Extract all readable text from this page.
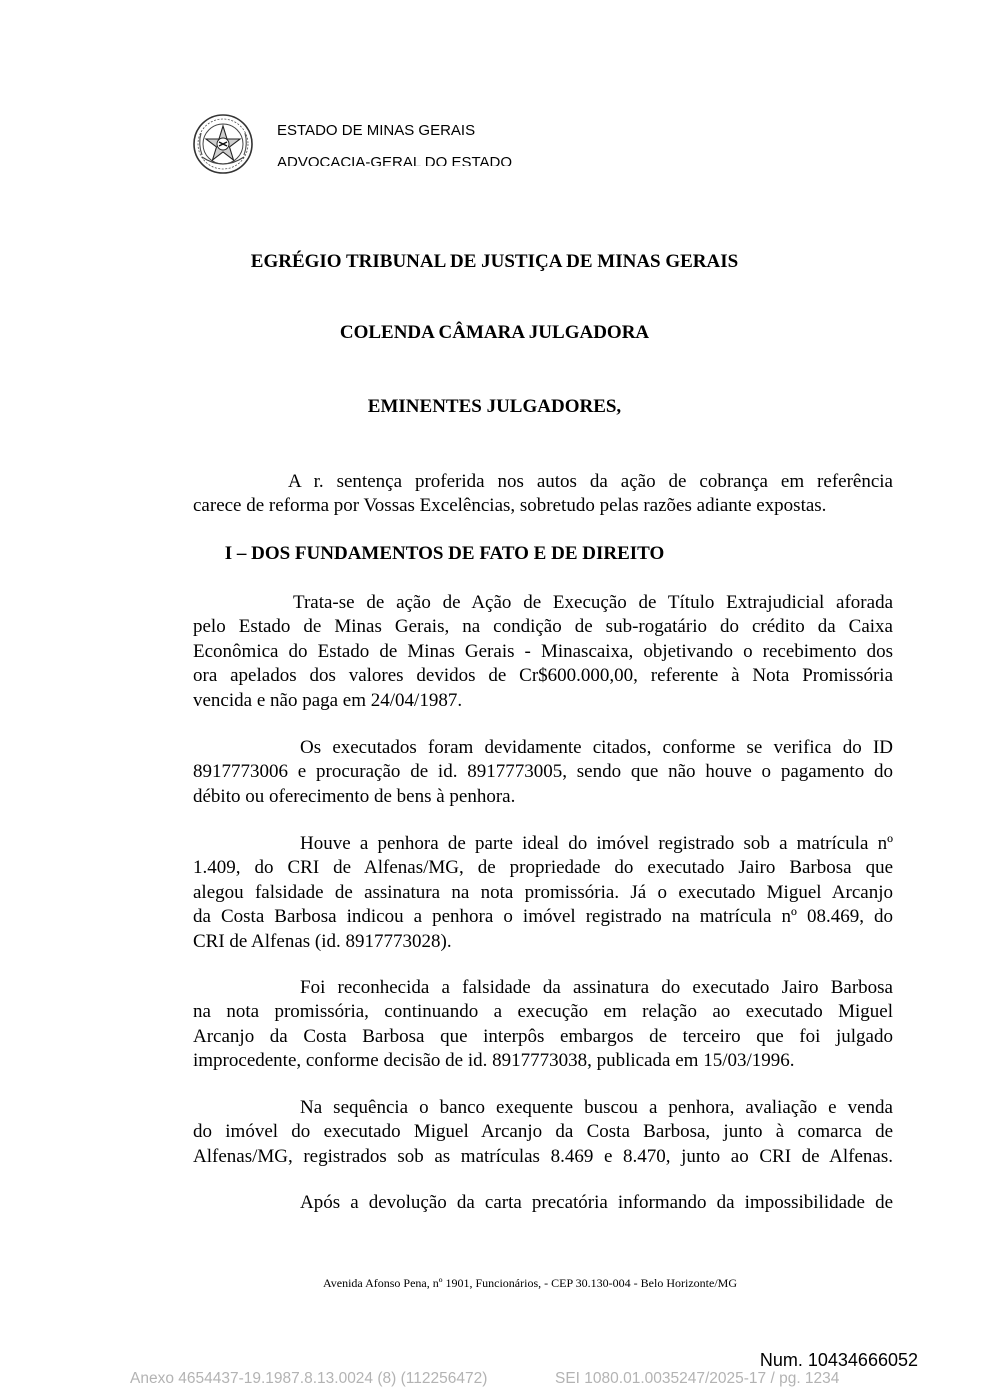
ESTADO DE MINAS GERAIS
ADVOCACIA-GERAL DO ESTADO
EGRÉGIO TRIBUNAL DE JUSTIÇA DE MINAS GERAIS
COLENDA CÂMARA JULGADORA
EMINENTES JULGADORES,
A r. sentença proferida nos autos da ação de cobrança em referência
carece de reforma por Vossas Excelências, sobretudo pelas razões adiante expostas.
I – DOS FUNDAMENTOS DE FATO E DE DIREITO
Trata-se de ação de Ação de Execução de Título Extrajudicial aforada
pelo Estado de Minas Gerais, na condição de sub-rogatário do crédito da Caixa
Econômica do Estado de Minas Gerais - Minascaixa, objetivando o recebimento dos
ora apelados dos valores devidos de Cr$600.000,00, referente à Nota Promissória
vencida e não paga em 24/04/1987.
Os executados foram devidamente citados, conforme se verifica do ID
8917773006 e procuração de id. 8917773005, sendo que não houve o pagamento do
débito ou oferecimento de bens à penhora.
Houve a penhora de parte ideal do imóvel registrado sob a matrícula nº
1.409, do CRI de Alfenas/MG, de propriedade do executado Jairo Barbosa que
alegou falsidade de assinatura na nota promissória. Já o executado Miguel Arcanjo
da Costa Barbosa indicou a penhora o imóvel registrado na matrícula nº 08.469, do
CRI de Alfenas (id. 8917773028).
Foi reconhecida a falsidade da assinatura do executado Jairo Barbosa
na nota promissória, continuando a execução em relação ao executado Miguel
Arcanjo da Costa Barbosa que interpôs embargos de terceiro que foi julgado
improcedente, conforme decisão de id. 8917773038, publicada em 15/03/1996.
Na sequência o banco exequente buscou a penhora, avaliação e venda
do imóvel do executado Miguel Arcanjo da Costa Barbosa, junto à comarca de
Alfenas/MG, registrados sob as matrículas 8.469 e 8.470, junto ao CRI de Alfenas.
Após a devolução da carta precatória informando da impossibilidade de
Avenida Afonso Pena, nº 1901, Funcionários, - CEP 30.130-004 - Belo Horizonte/MG
Num. 10434666052
Anexo 4654437-19.1987.8.13.0024 (8) (112256472)	SEI 1080.01.0035247/2025-17 / pg. 1234
